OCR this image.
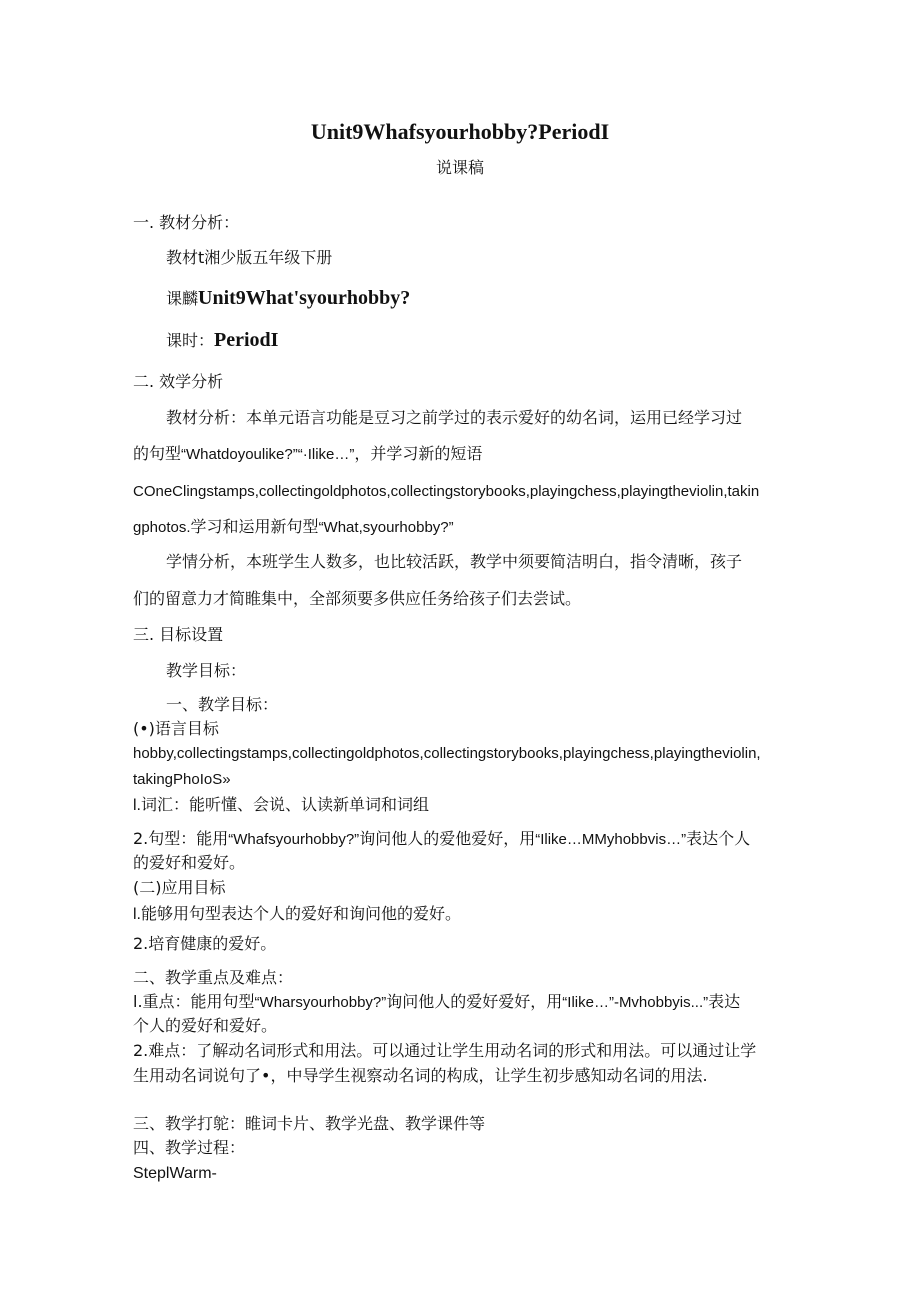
Unit9Whafsyourhobby?PeriodI
说课稿
一. 教材分析：
教材t湘少版五年级下册
课麟Unit9What'syourhobby?
课时：PeriodI
二. 效学分析
教材分析：本单元语言功能是豆习之前学过的表示爱好的幼名词，运用已经学习过
的句型“Whatdoyoulike?”“·Ilike…”，并学习新的短语
COneClingstamps,collectingoldphotos,collectingstorybooks,playingchess,playingtheviolin,takin
gphotos.学习和运用新句型“What,syourhobby?”
学情分析，本班学生人数多，也比较活跃，教学中须要简洁明白，指令清晰，孩子
们的留意力才简睢集中，全部须要多供应任务给孩子们去尝试。
三. 目标设置
教学目标：
一、教学目标：
(•)语言目标
hobby,collectingstamps,collectingoldphotos,collectingstorybooks,playingchess,playingtheviolin,
takingPhoIoS»
l.词汇：能听懂、会说、认读新单词和词组
2.句型：能用“Whafsyourhobby?”询问他人的爱他爱好，用“Ilike…MMyhobbvis…”表达个人
的爱好和爱好。
(二)应用目标
l.能够用句型表达个人的爱好和询问他的爱好。
2.培育健康的爱好。
二、教学重点及难点：
l.重点：能用句型“Wharsyourhobby?”询问他人的爱好爱好，用“Ilike…”-Mvhobbyis...”表达
个人的爱好和爱好。
2.难点：了解动名词形式和用法。可以通过让学生用动名词的形式和用法。可以通过让学
生用动名词说句了•，中导学生视察动名词的构成，让学生初步感知动名词的用法.
三、教学打鸵：睢词卡片、教学光盘、教学课件等
四、教学过程：
SteplWarm-
